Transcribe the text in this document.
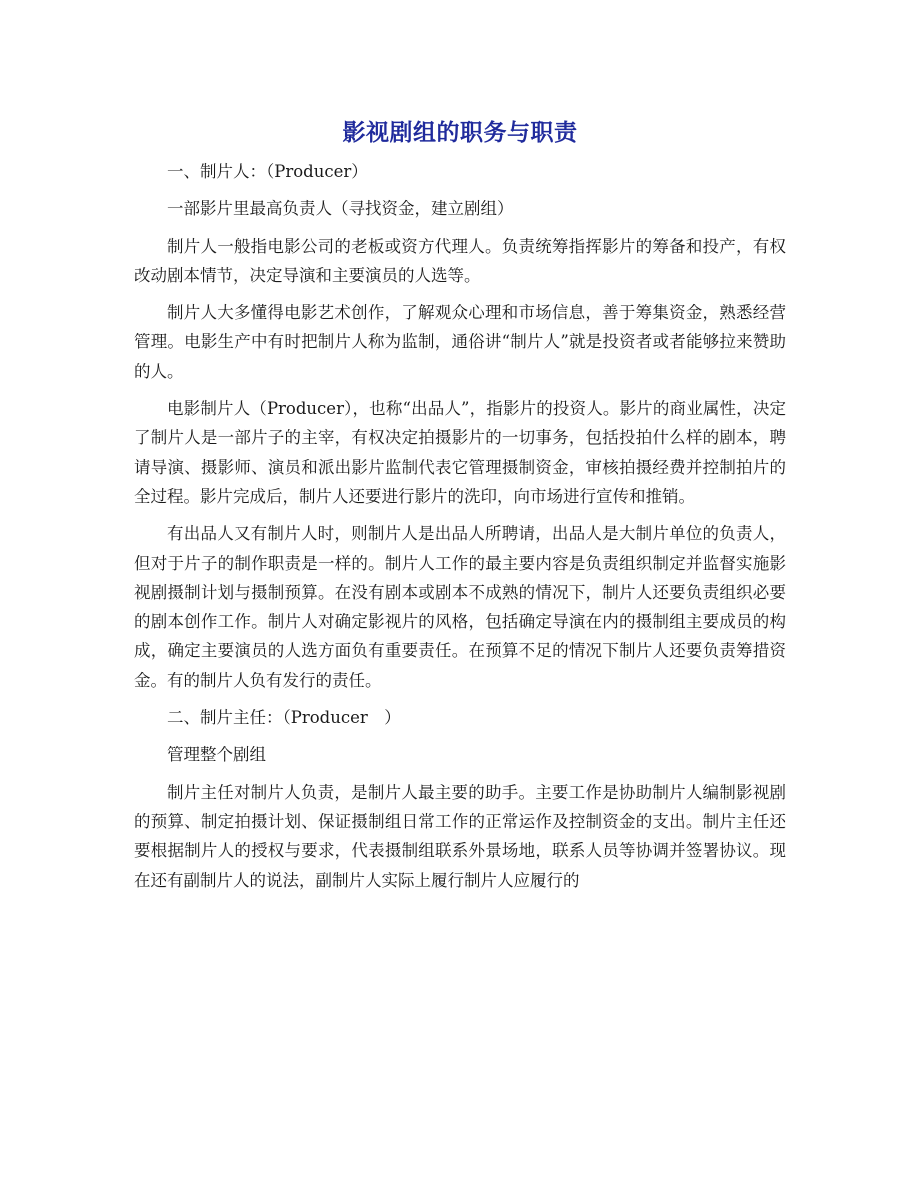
影视剧组的职务与职责

一、制片人：（Producer）

一部影片里最高负责人（寻找资金，建立剧组）

制片人一般指电影公司的老板或资方代理人。负责统筹指挥影片的筹备和投产，有权改动剧本情节，决定导演和主要演员的人选等。

制片人大多懂得电影艺术创作，了解观众心理和市场信息，善于筹集资金，熟悉经营管理。电影生产中有时把制片人称为监制，通俗讲“制片人”就是投资者或者能够拉来赞助的人。

电影制片人（Producer），也称“出品人”，指影片的投资人。影片的商业属性，决定了制片人是一部片子的主宰，有权决定拍摄影片的一切事务，包括投拍什么样的剧本，聘请导演、摄影师、演员和派出影片监制代表它管理摄制资金，审核拍摄经费并控制拍片的全过程。影片完成后，制片人还要进行影片的洗印，向市场进行宣传和推销。

有出品人又有制片人时，则制片人是出品人所聘请，出品人是大制片单位的负责人，但对于片子的制作职责是一样的。制片人工作的最主要内容是负责组织制定并监督实施影视剧摄制计划与摄制预算。在没有剧本或剧本不成熟的情况下，制片人还要负责组织必要的剧本创作工作。制片人对确定影视片的风格，包括确定导演在内的摄制组主要成员的构成，确定主要演员的人选方面负有重要责任。在预算不足的情况下制片人还要负责筹措资金。有的制片人负有发行的责任。

二、制片主任：（Producer　）

管理整个剧组

制片主任对制片人负责，是制片人最主要的助手。主要工作是协助制片人编制影视剧的预算、制定拍摄计划、保证摄制组日常工作的正常运作及控制资金的支出。制片主任还要根据制片人的授权与要求，代表摄制组联系外景场地，联系人员等协调并签署协议。现在还有副制片人的说法，副制片人实际上履行制片人应履行的
